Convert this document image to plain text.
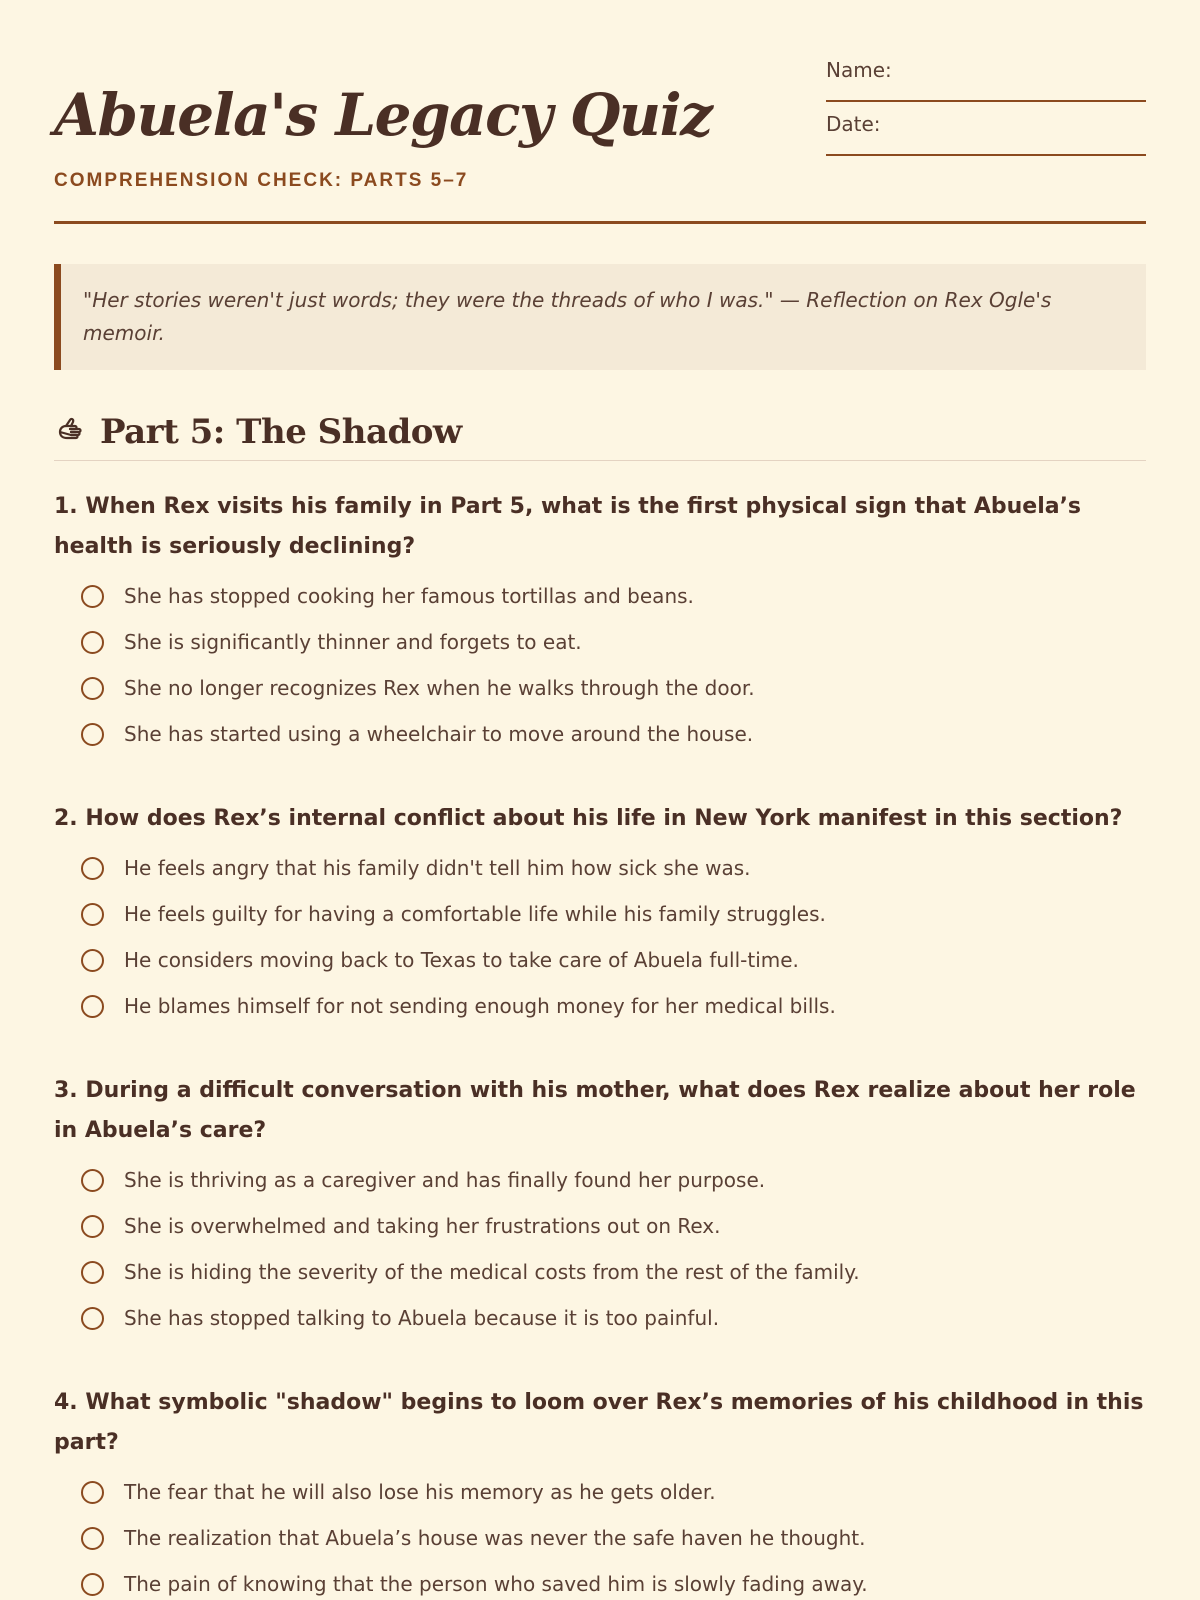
Abuela's Legacy Quiz
COMPREHENSION CHECK: PARTS 5–7
Name:
Date:
"Her stories weren't just words; they were the threads of who I was." — Reflection on Rex Ogle's memoir.
Part 5: The Shadow
1. When Rex visits his family in Part 5, what is the first physical sign that Abuela’s health is seriously declining?
She has stopped cooking her famous tortillas and beans.
She is significantly thinner and forgets to eat.
She no longer recognizes Rex when he walks through the door.
She has started using a wheelchair to move around the house.
2. How does Rex’s internal conflict about his life in New York manifest in this section?
He feels angry that his family didn't tell him how sick she was.
He feels guilty for having a comfortable life while his family struggles.
He considers moving back to Texas to take care of Abuela full-time.
He blames himself for not sending enough money for her medical bills.
3. During a difficult conversation with his mother, what does Rex realize about her role in Abuela’s care?
She is thriving as a caregiver and has finally found her purpose.
She is overwhelmed and taking her frustrations out on Rex.
She is hiding the severity of the medical costs from the rest of the family.
She has stopped talking to Abuela because it is too painful.
4. What symbolic "shadow" begins to loom over Rex’s memories of his childhood in this part?
The fear that he will also lose his memory as he gets older.
The realization that Abuela’s house was never the safe haven he thought.
The pain of knowing that the person who saved him is slowly fading away.
